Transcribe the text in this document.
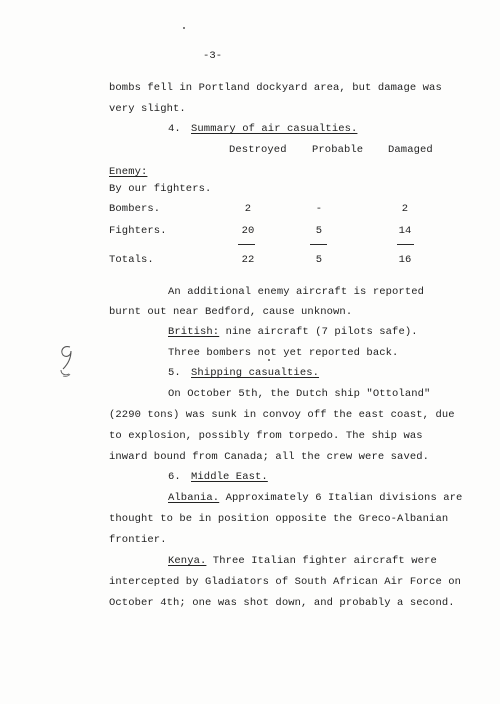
-3-
bombs fell in Portland dockyard area, but damage was
very slight.
4. Summary of air casualties.
Destroyed Probable Damaged
Enemy:
By our fighters.
Bombers.	2	-	2
Fighters.	20	5	14
Totals.	22	5	16
An additional enemy aircraft is reported
burnt out near Bedford, cause unknown.
British: nine aircraft (7 pilots safe).
Three bombers not yet reported back.
5. Shipping casualties.
On October 5th, the Dutch ship "Ottoland"
(2290 tons) was sunk in convoy off the east coast, due
to explosion, possibly from torpedo. The ship was
inward bound from Canada; all the crew were saved.
6. Middle East.
Albania. Approximately 6 Italian divisions are
thought to be in position opposite the Greco-Albanian
frontier.
Kenya. Three Italian fighter aircraft were
intercepted by Gladiators of South African Air Force on
October 4th; one was shot down, and probably a second.
